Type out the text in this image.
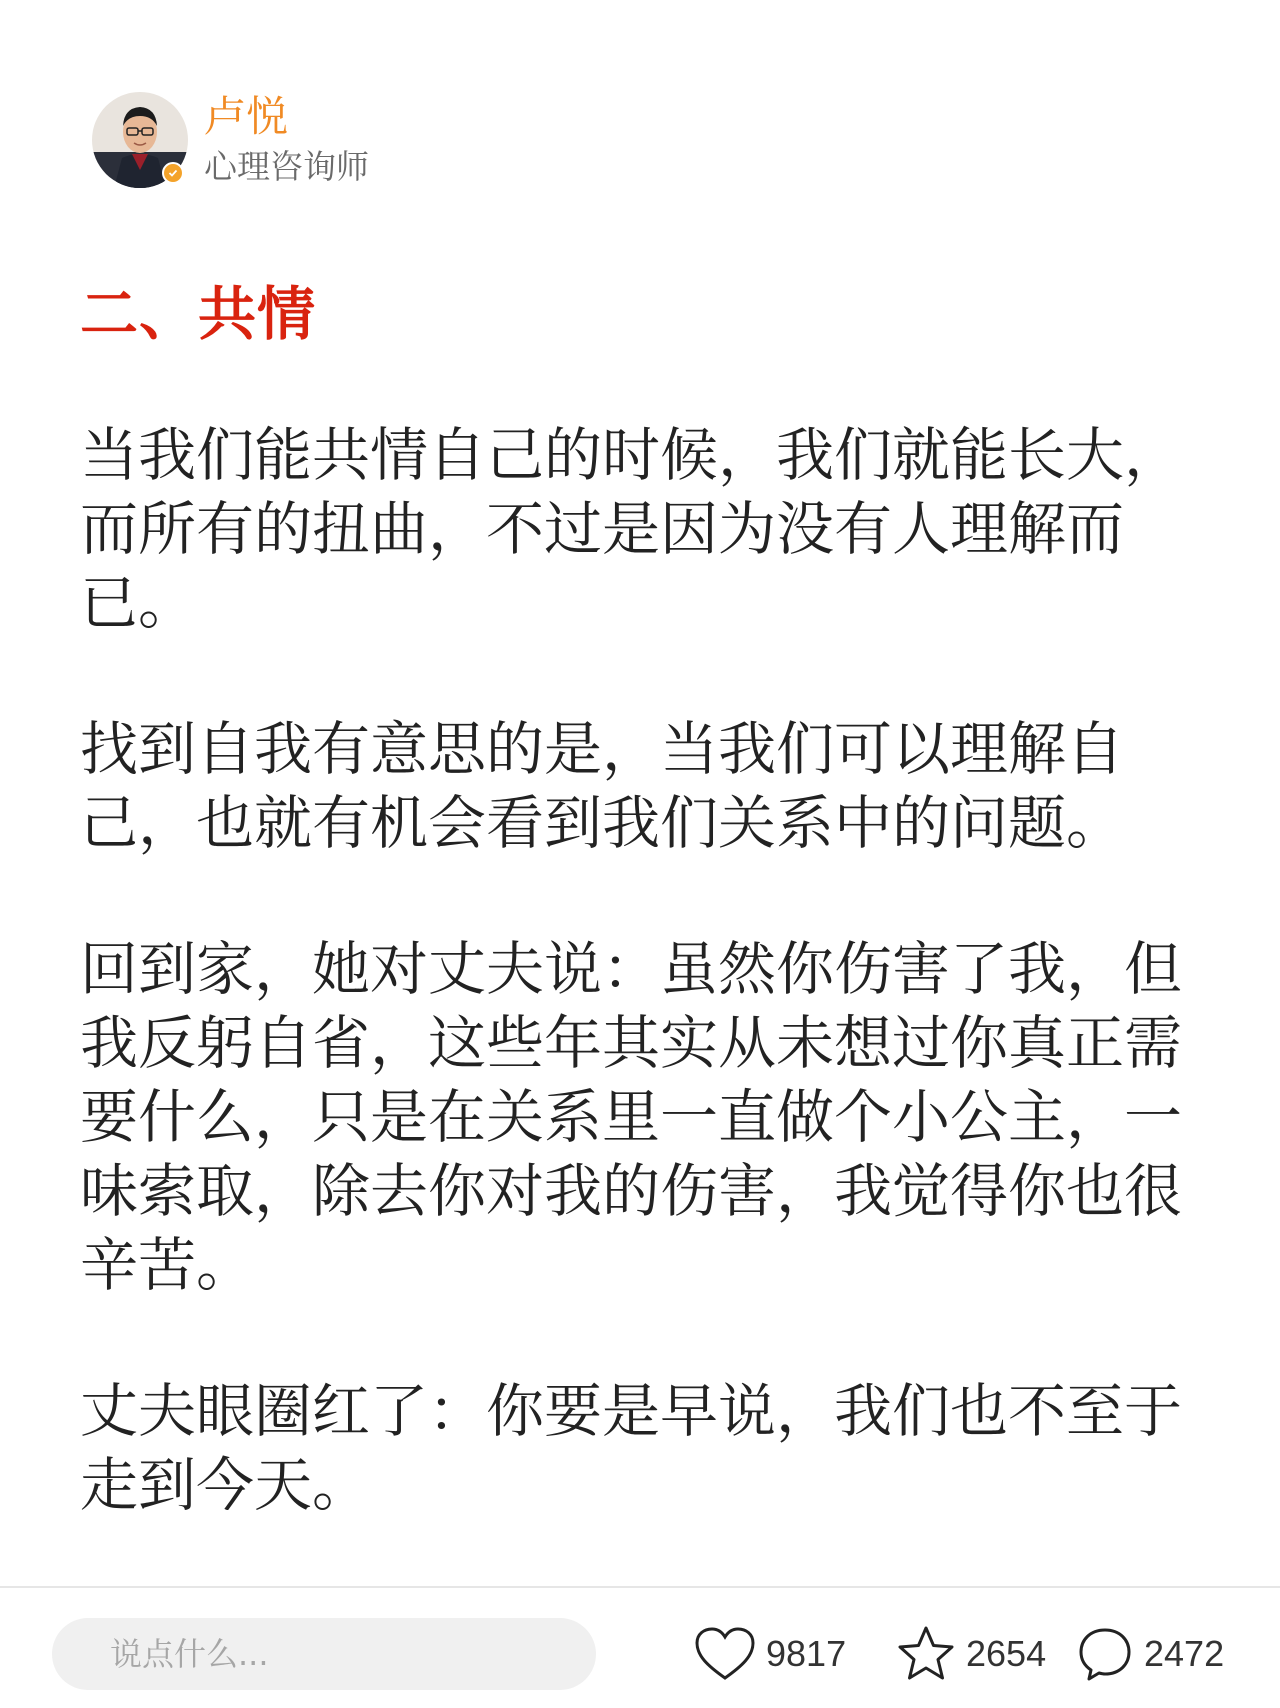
卢悦
心理咨询师
二、共情

当我们能共情自己的时候，我们就能长大，而所有的扭曲，不过是因为没有人理解而已。

找到自我有意思的是，当我们可以理解自己，也就有机会看到我们关系中的问题。

回到家，她对丈夫说：虽然你伤害了我，但我反躬自省，这些年其实从未想过你真正需要什么，只是在关系里一直做个小公主，一味索取，除去你对我的伤害，我觉得你也很辛苦。

丈夫眼圈红了：你要是早说，我们也不至于走到今天。

说点什么...
9817	2654	2472
